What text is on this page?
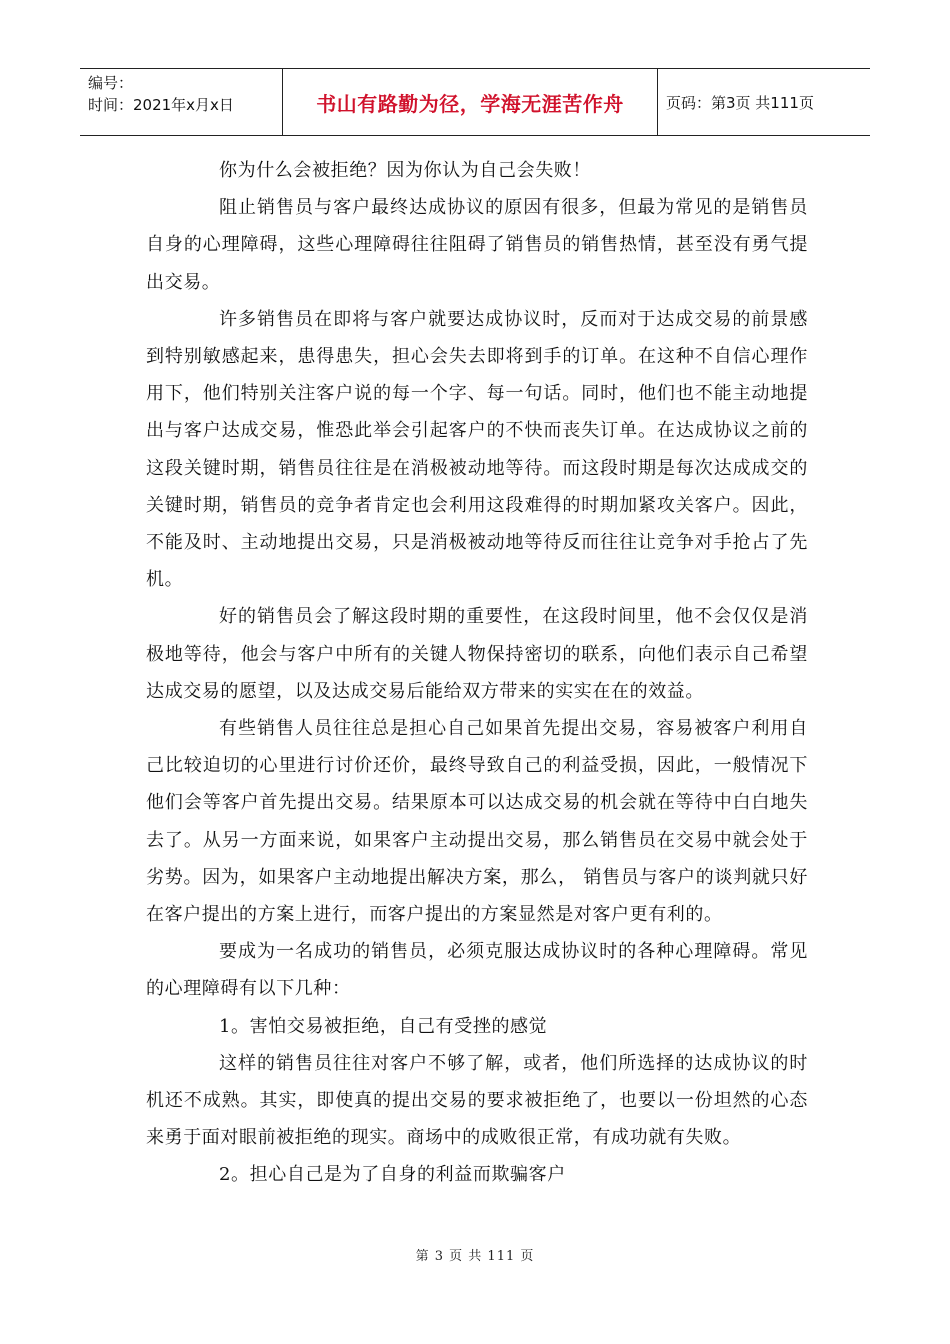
编号：
时间：2021年x月x日	书山有路勤为径，学海无涯苦作舟	页码：第3页 共111页

你为什么会被拒绝？因为你认为自己会失败！

阻止销售员与客户最终达成协议的原因有很多，但最为常见的是销售员自身的心理障碍，这些心理障碍往往阻碍了销售员的销售热情，甚至没有勇气提出交易。

许多销售员在即将与客户就要达成协议时，反而对于达成交易的前景感到特别敏感起来，患得患失，担心会失去即将到手的订单。在这种不自信心理作用下，他们特别关注客户说的每一个字、每一句话。同时，他们也不能主动地提出与客户达成交易，惟恐此举会引起客户的不快而丧失订单。在达成协议之前的这段关键时期，销售员往往是在消极被动地等待。而这段时期是每次达成成交的关键时期，销售员的竞争者肯定也会利用这段难得的时期加紧攻关客户。因此，不能及时、主动地提出交易，只是消极被动地等待反而往往让竞争对手抢占了先机。

好的销售员会了解这段时期的重要性，在这段时间里，他不会仅仅是消极地等待，他会与客户中所有的关键人物保持密切的联系，向他们表示自己希望达成交易的愿望，以及达成交易后能给双方带来的实实在在的效益。

有些销售人员往往总是担心自己如果首先提出交易，容易被客户利用自己比较迫切的心里进行讨价还价，最终导致自己的利益受损，因此，一般情况下他们会等客户首先提出交易。结果原本可以达成交易的机会就在等待中白白地失去了。从另一方面来说，如果客户主动提出交易，那么销售员在交易中就会处于劣势。因为，如果客户主动地提出解决方案，那么， 销售员与客户的谈判就只好在客户提出的方案上进行，而客户提出的方案显然是对客户更有利的。

要成为一名成功的销售员，必须克服达成协议时的各种心理障碍。常见的心理障碍有以下几种：

1。害怕交易被拒绝，自己有受挫的感觉

这样的销售员往往对客户不够了解，或者，他们所选择的达成协议的时机还不成熟。其实，即使真的提出交易的要求被拒绝了，也要以一份坦然的心态来勇于面对眼前被拒绝的现实。商场中的成败很正常，有成功就有失败。

2。担心自己是为了自身的利益而欺骗客户

第 3 页 共 111 页
